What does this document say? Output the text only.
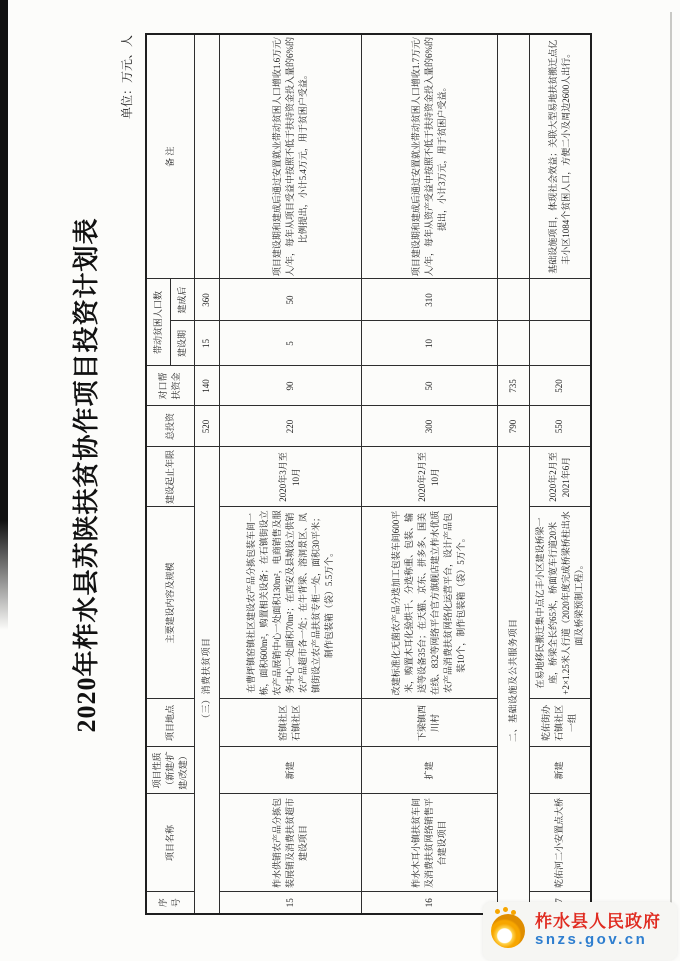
2020年柞水县苏陕扶贫协作项目投资计划表
单位：万元、人
序号	项目名称	项目性质（新建/扩建/改建）	项目地点	主要建设内容及规模	建设起止年限	总投资	对口帮扶资金	带动贫困人口数		备 注
								建设期	建成后	
（三）消费扶贫项目						520	140	15	360	
15	柞水供销农产品分拣包装展销及消费扶贫超市建设项目	新建	窑镇社区石镇社区	在曹坪镇窑镇社区建设农产品分拣包装车间一栋，面积600m²，购置相关设备；在石镇街设立农产品展销中心一处面积130m²，电商销售及服务中心一处面积70m²；在西安及县城设立供销农产品超市各一处；在牛背梁、溶洞景区、凤镇街设立农产品扶贫专柜一处，面积30平米；制作包装箱（袋）5.5万个。	2020年3月至10月	220	90	5	50	项目建设期和建成后通过安置就业带动贫困人口增收1.6万元/人/年，每年从项目受益中按照不低于扶持资金投入量的6%的比例提出，小计5.4万元，用于贫困户受益。
16	柞水木耳小镇扶贫车间及消费扶贫网络销售平台建设项目	扩建	下梁镇西川村	改建标准化无菌农产品分选加工包装车间600平米，购置木耳化验烘干、分选称重、包装、输送等设备35台；在天猫、京东、拼多多、国美在线、832等网络平台官方旗舰店建立柞水优质农产品消费扶贫网络化运营平台，设计产品包装10个，制作包装箱（袋）5万个。	2020年2月至10月	300	50	10	310	项目建设期和建成后通过安置就业带动贫困人口增收1.7万元/人/年，每年从资产受益中按照不低于扶持资金投入量的6%的提出，小计3万元，用于贫困户受益。
二、基础设施及公共服务项目						790	735			
	乾佑河二小安置点大桥	新建	乾佑街办石镇社区一组	在易地移民搬迁集中点亿丰小区建设桥梁一座，桥梁全长约65米，桥面宽车行道20米+2×1.25米人行道（2020年度完成桥梁桥柱出水面及桥梁预制工程）。	2020年2月至2021年6月	550	520			基础设施项目，体现社会效益；关联大型易地扶贫搬迁点亿丰小区1084个贫困人口，方便二小及周边2600人出行。
柞水县人民政府
snzs.gov.cn
